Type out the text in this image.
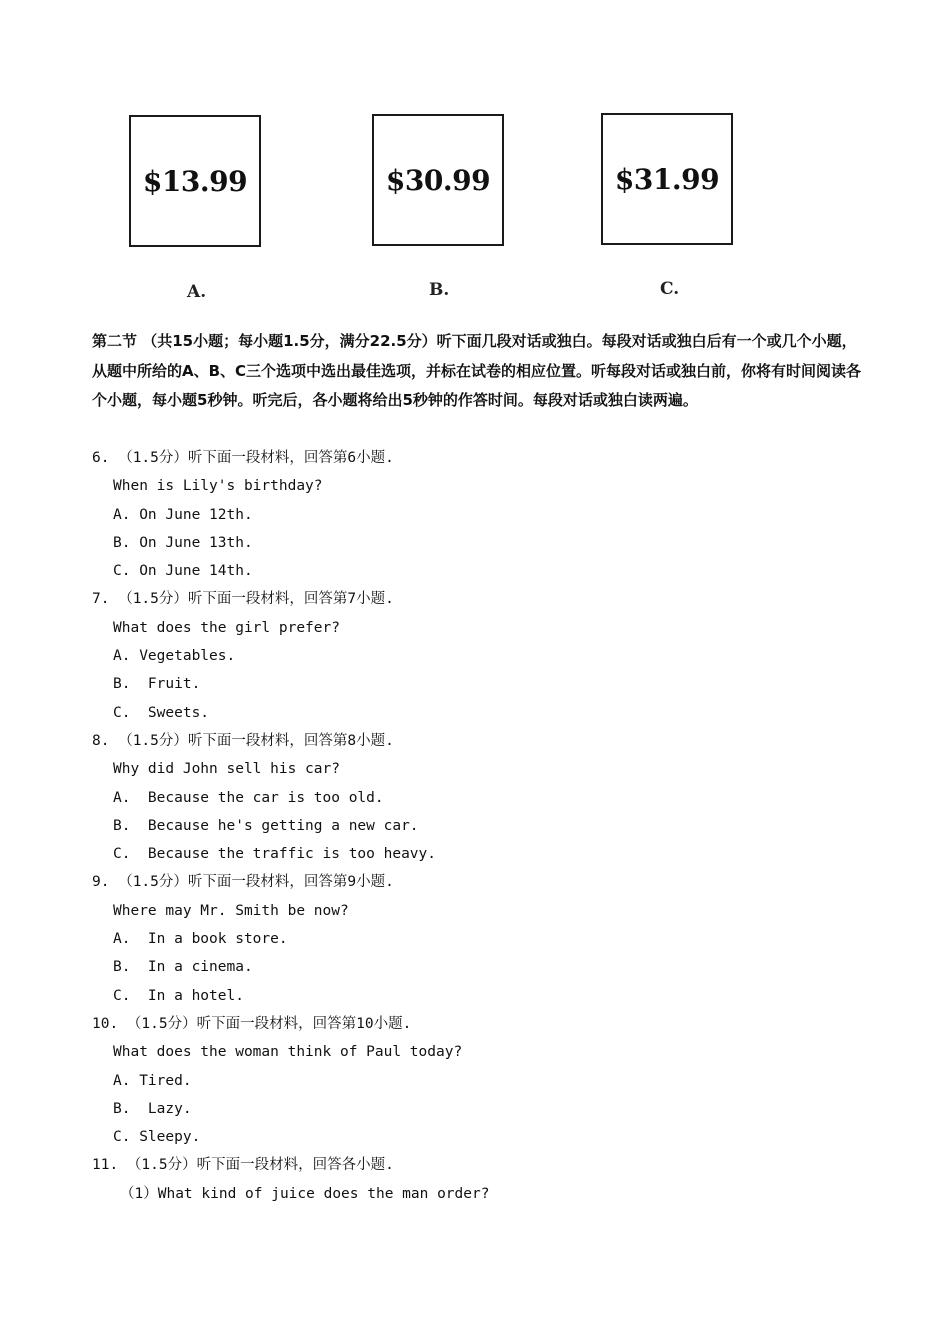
$13.99	$30.99	$31.99
A.	B.	C.
第二节 （共15小题；每小题1.5分，满分22.5分）听下面几段对话或独白。每段对话或独白后有一个或几个小题，从题中所给的A、B、C三个选项中选出最佳选项，并标在试卷的相应位置。听每段对话或独白前，你将有时间阅读各个小题，每小题5秒钟。听完后，各小题将给出5秒钟的作答时间。每段对话或独白读两遍。
6. （1.5分）听下面一段材料，回答第6小题.
When is Lily's birthday?
A. On June 12th.
B. On June 13th.
C. On June 14th.
7. （1.5分）听下面一段材料，回答第7小题.
What does the girl prefer?
A. Vegetables.
B.  Fruit.
C.  Sweets.
8. （1.5分）听下面一段材料，回答第8小题.
Why did John sell his car?
A.  Because the car is too old.
B.  Because he's getting a new car.
C.  Because the traffic is too heavy.
9. （1.5分）听下面一段材料，回答第9小题.
Where may Mr. Smith be now?
A.  In a book store.
B.  In a cinema.
C.  In a hotel.
10. （1.5分）听下面一段材料，回答第10小题.
What does the woman think of Paul today?
A. Tired.
B.  Lazy.
C. Sleepy.
11. （1.5分）听下面一段材料，回答各小题.
（1）What kind of juice does the man order?
